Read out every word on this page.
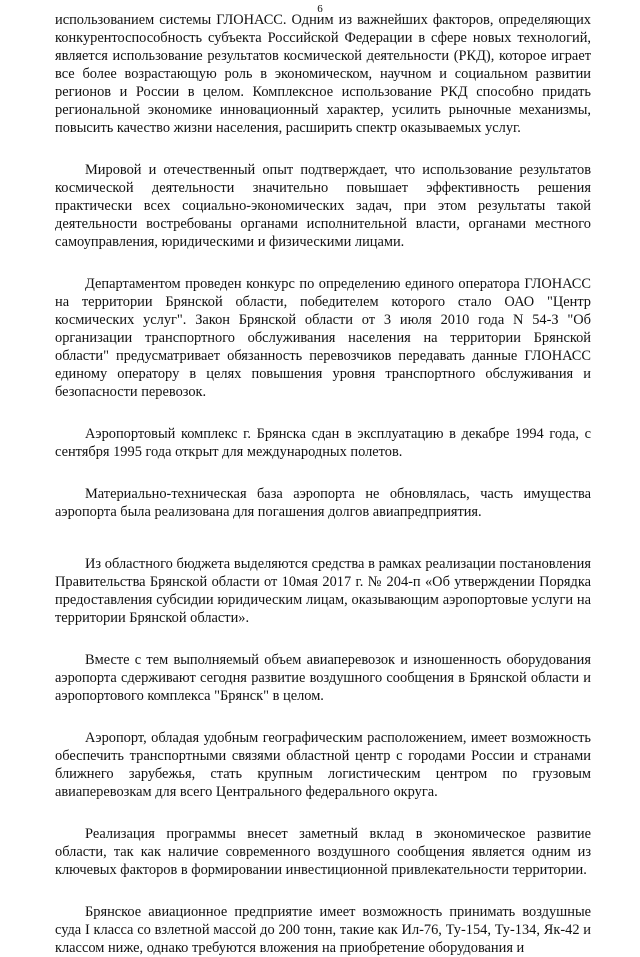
6

использованием системы ГЛОНАСС. Одним из важнейших факторов, определяющих конкурентоспособность субъекта Российской Федерации в сфере новых технологий, является использование результатов космической деятельности (РКД), которое играет все более возрастающую роль в экономическом, научном и социальном развитии регионов и России в целом. Комплексное использование РКД способно придать региональной экономике инновационный характер, усилить рыночные механизмы, повысить качество жизни населения, расширить спектр оказываемых услуг.

Мировой и отечественный опыт подтверждает, что использование результатов космической деятельности значительно повышает эффективность решения практически всех социально-экономических задач, при этом результаты такой деятельности востребованы органами исполнительной власти, органами местного самоуправления, юридическими и физическими лицами.

Департаментом проведен конкурс по определению единого оператора ГЛОНАСС на территории Брянской области, победителем которого стало ОАО "Центр космических услуг". Закон Брянской области от 3 июля 2010 года N 54-З "Об организации транспортного обслуживания населения на территории Брянской области" предусматривает обязанность перевозчиков передавать данные ГЛОНАСС единому оператору в целях повышения уровня транспортного обслуживания и безопасности перевозок.

Аэропортовый комплекс г. Брянска сдан в эксплуатацию в декабре 1994 года, с сентября 1995 года открыт для международных полетов.

Материально-техническая база аэропорта не обновлялась, часть имущества аэропорта была реализована для погашения долгов авиапредприятия.

Из областного бюджета выделяются средства в рамках реализации постановления Правительства Брянской области от 10мая 2017 г. № 204-п «Об утверждении Порядка предоставления субсидии юридическим лицам, оказывающим аэропортовые услуги на территории Брянской области».

Вместе с тем выполняемый объем авиаперевозок и изношенность оборудования аэропорта сдерживают сегодня развитие воздушного сообщения в Брянской области и аэропортового комплекса "Брянск" в целом.

Аэропорт, обладая удобным географическим расположением, имеет возможность обеспечить транспортными связями областной центр с городами России и странами ближнего зарубежья, стать крупным логистическим центром по грузовым авиаперевозкам для всего Центрального федерального округа.

Реализация программы внесет заметный вклад в экономическое развитие области, так как наличие современного воздушного сообщения является одним из ключевых факторов в формировании инвестиционной привлекательности территории.

Брянское авиационное предприятие имеет возможность принимать воздушные суда I класса со взлетной массой до 200 тонн, такие как Ил-76, Ту-154, Ту-134, Як-42 и классом ниже, однако требуются вложения на приобретение оборудования и
